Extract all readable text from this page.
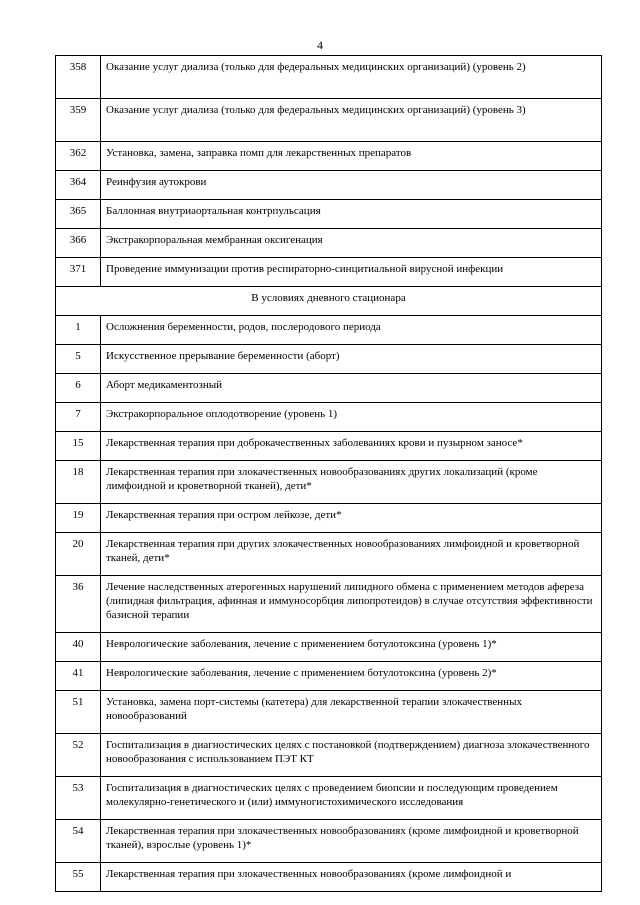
4
358	Оказание услуг диализа (только для федеральных медицинских организаций) (уровень 2)
359	Оказание услуг диализа (только для федеральных медицинских организаций) (уровень 3)
362	Установка, замена, заправка помп для лекарственных препаратов
364	Реинфузия аутокрови
365	Баллонная внутриаортальная контрпульсация
366	Экстракорпоральная мембранная оксигенация
371	Проведение иммунизации против респираторно-синцитиальной вирусной инфекции
В условиях дневного стационара	
1	Осложнения беременности, родов, послеродового периода
5	Искусственное прерывание беременности (аборт)
6	Аборт медикаментозный
7	Экстракорпоральное оплодотворение (уровень 1)
15	Лекарственная терапия при доброкачественных заболеваниях крови и пузырном заносе*
18	Лекарственная терапия при злокачественных новообразованиях других локализаций (кроме лимфоидной и кроветворной тканей), дети*
19	Лекарственная терапия при остром лейкозе, дети*
20	Лекарственная терапия при других злокачественных новообразованиях лимфоидной и кроветворной тканей, дети*
36	Лечение наследственных атерогенных нарушений липидного обмена с применением методов афереза (липидная фильтрация, афинная и иммуносорбция липопротеидов) в случае отсутствия эффективности базисной терапии
40	Неврологические заболевания, лечение с применением ботулотоксина (уровень 1)*
41	Неврологические заболевания, лечение с применением ботулотоксина (уровень 2)*
51	Установка, замена порт-системы (катетера) для лекарственной терапии злокачественных новообразований
52	Госпитализация в диагностических целях с постановкой (подтверждением) диагноза злокачественного новообразования с использованием ПЭТ КТ
53	Госпитализация в диагностических целях с проведением биопсии и последующим проведением молекулярно-генетического и (или) иммуногистохимического исследования
54	Лекарственная терапия при злокачественных новообразованиях (кроме лимфоидной и кроветворной тканей), взрослые (уровень 1)*
55	Лекарственная терапия при злокачественных новообразованиях (кроме лимфоидной и
